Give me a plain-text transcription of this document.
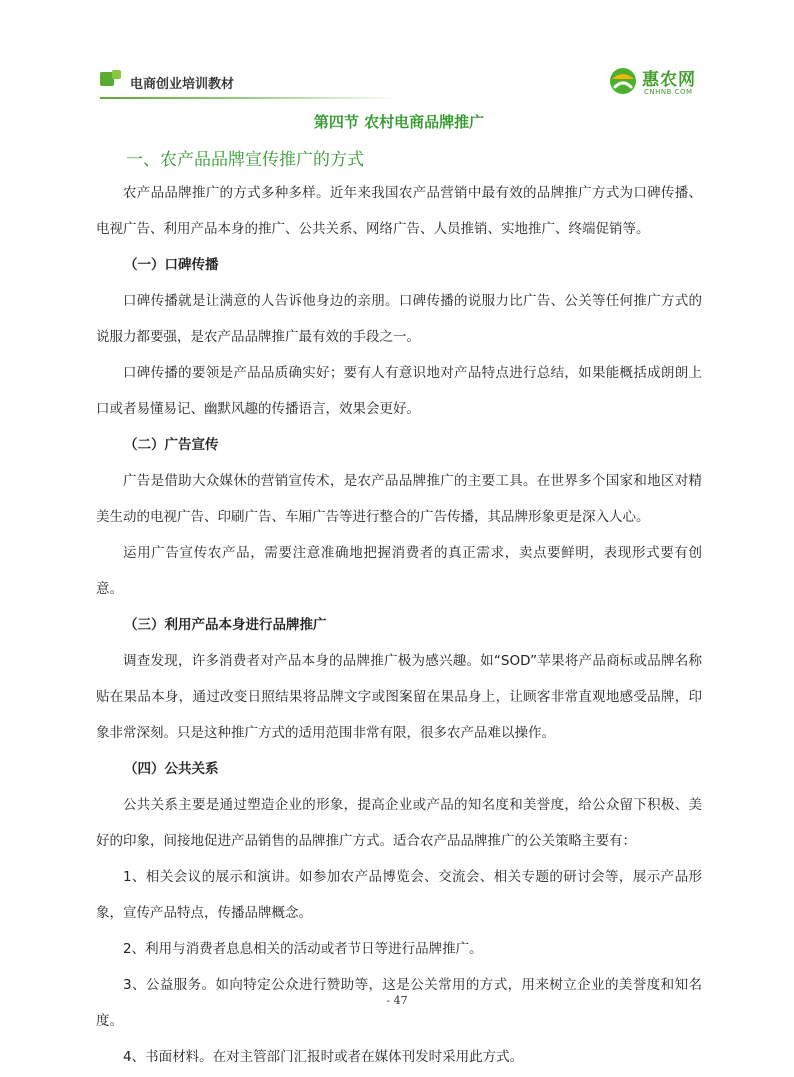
电商创业培训教材	惠农网
CNHNB.COM
第四节 农村电商品牌推广
一、农产品品牌宣传推广的方式

农产品品牌推广的方式多种多样。近年来我国农产品营销中最有效的品牌推广方式为口碑传播、电视广告、利用产品本身的推广、公共关系、网络广告、人员推销、实地推广、终端促销等。

（一）口碑传播

口碑传播就是让满意的人告诉他身边的亲朋。口碑传播的说服力比广告、公关等任何推广方式的说服力都要强，是农产品品牌推广最有效的手段之一。

口碑传播的要领是产品品质确实好；要有人有意识地对产品特点进行总结，如果能概括成朗朗上口或者易懂易记、幽默风趣的传播语言，效果会更好。

（二）广告宣传

广告是借助大众媒休的营销宣传术，是农产品品牌推广的主要工具。在世界多个国家和地区对精美生动的电视广告、印刷广告、车厢广告等进行整合的广告传播，其品牌形象更是深入人心。

运用广告宣传农产品，需要注意准确地把握消费者的真正需求，卖点要鲜明，表现形式要有创意。

（三）利用产品本身进行品牌推广

调查发现，许多消费者对产品本身的品牌推广极为感兴趣。如“SOD”苹果将产品商标或品牌名称贴在果品本身，通过改变日照结果将品牌文字或图案留在果品身上，让顾客非常直观地感受品牌，印象非常深刻。只是这种推广方式的适用范围非常有限，很多农产品难以操作。

（四）公共关系

公共关系主要是通过塑造企业的形象，提高企业或产品的知名度和美誉度，给公众留下积极、美好的印象，间接地促进产品销售的品牌推广方式。适合农产品品牌推广的公关策略主要有：

1、相关会议的展示和演讲。如参加农产品博览会、交流会、相关专题的研讨会等，展示产品形象，宣传产品特点，传播品牌概念。

2、利用与消费者息息相关的活动或者节日等进行品牌推广。

3、公益服务。如向特定公众进行赞助等，这是公关常用的方式，用来树立企业的美誉度和知名度。

4、书面材料。在对主管部门汇报时或者在媒体刊发时采用此方式。

- 47
